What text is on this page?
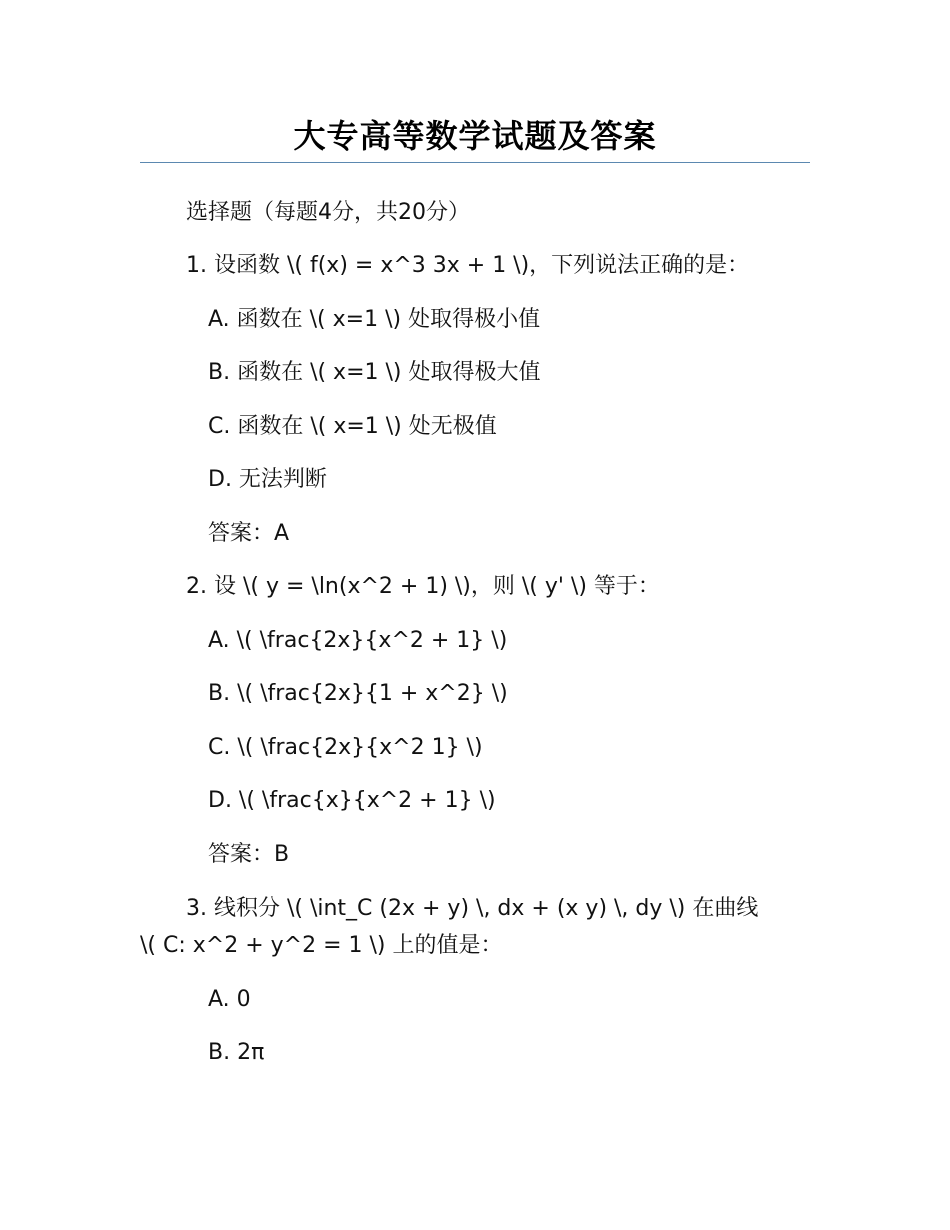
大专高等数学试题及答案
选择题（每题4分，共20分）
1. 设函数 \( f(x) = x^3 3x + 1 \)，下列说法正确的是：
A. 函数在 \( x=1 \) 处取得极小值
B. 函数在 \( x=1 \) 处取得极大值
C. 函数在 \( x=1 \) 处无极值
D. 无法判断
答案：A
2. 设 \( y = \ln(x^2 + 1) \)，则 \( y' \) 等于：
A. \( \frac{2x}{x^2 + 1} \)
B. \( \frac{2x}{1 + x^2} \)
C. \( \frac{2x}{x^2 1} \)
D. \( \frac{x}{x^2 + 1} \)
答案：B
3. 线积分 \( \int_C (2x + y) \, dx + (x y) \, dy \) 在曲线
\( C: x^2 + y^2 = 1 \) 上的值是：
A. 0
B. 2π
